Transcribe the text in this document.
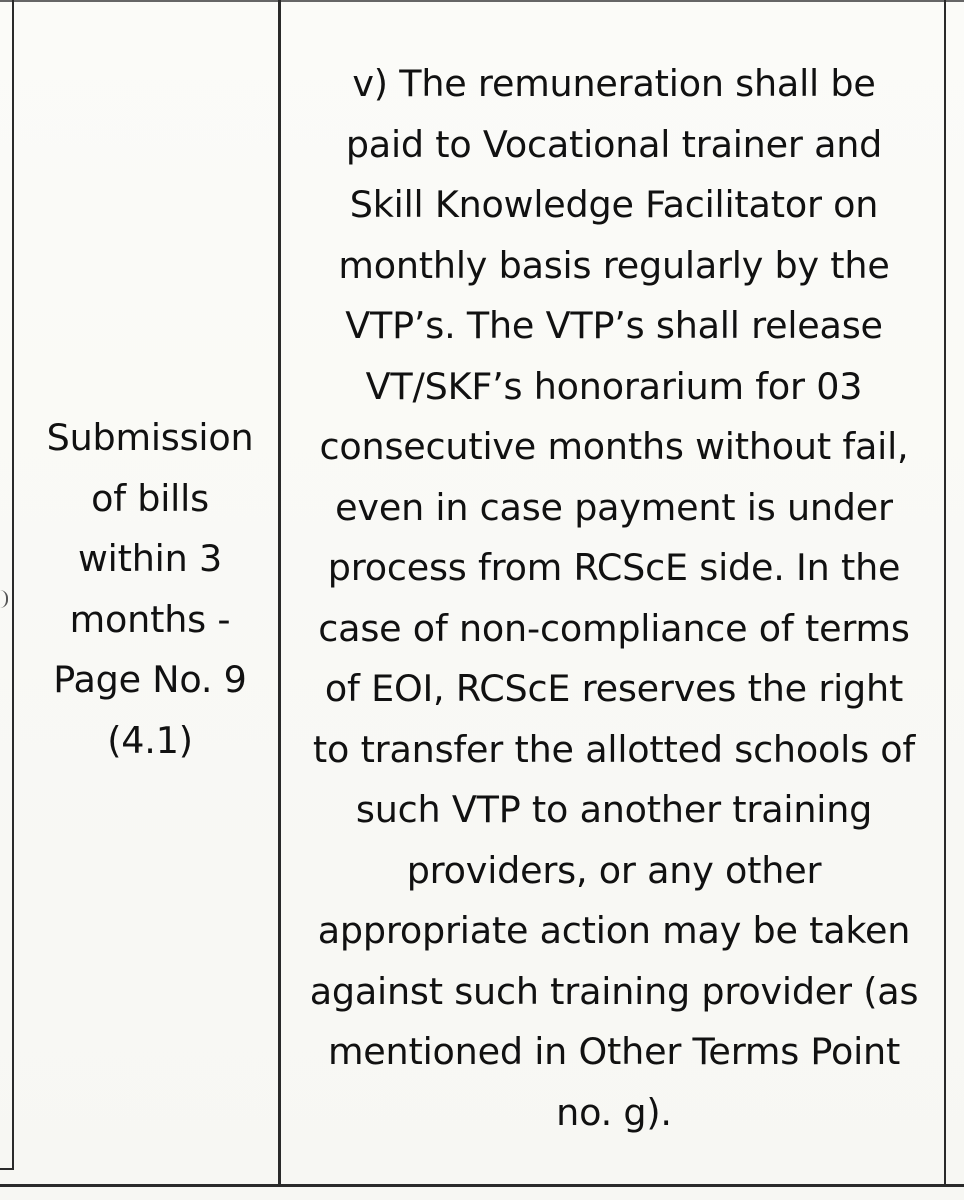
Submission
of bills
within 3
months -
Page No. 9
(4.1)
v) The remuneration shall be
paid to Vocational trainer and
Skill Knowledge Facilitator on
monthly basis regularly by the
VTP’s. The VTP’s shall release
VT/SKF’s honorarium for 03
consecutive months without fail,
even in case payment is under
process from RCScE side. In the
case of non-compliance of terms
of EOI, RCScE reserves the right
to transfer the allotted schools of
such VTP to another training
providers, or any other
appropriate action may be taken
against such training provider (as
mentioned in Other Terms Point
no. g).
